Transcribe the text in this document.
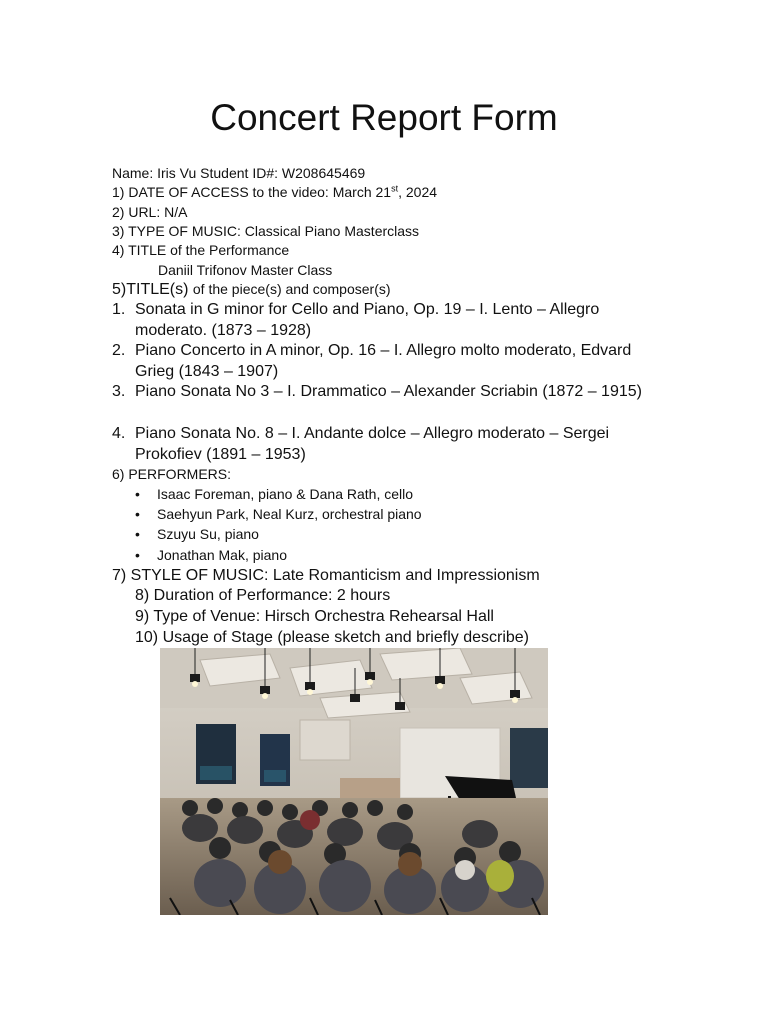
Concert Report Form
Name: Iris Vu Student ID#: W208645469
1) DATE OF ACCESS to the video: March 21st, 2024
2) URL: N/A
3) TYPE OF MUSIC: Classical Piano Masterclass
4) TITLE of the Performance
Daniil Trifonov Master Class
5)TITLE(s) of the piece(s) and composer(s)
1. Sonata in G minor for Cello and Piano, Op. 19 – I. Lento – Allegro moderato. (1873 – 1928)
2. Piano Concerto in A minor, Op. 16 – I. Allegro molto moderato, Edvard Grieg (1843 – 1907)
3. Piano Sonata No 3 – I. Drammatico – Alexander Scriabin (1872 – 1915)
4. Piano Sonata No. 8 – I. Andante dolce – Allegro moderato – Sergei Prokofiev (1891 – 1953)
6) PERFORMERS:
• Isaac Foreman, piano & Dana Rath, cello
• Saehyun Park, Neal Kurz, orchestral piano
• Szuyu Su, piano
• Jonathan Mak, piano
7) STYLE OF MUSIC: Late Romanticism and Impressionism
8) Duration of Performance: 2 hours
9) Type of Venue: Hirsch Orchestra Rehearsal Hall
10) Usage of Stage (please sketch and briefly describe)
